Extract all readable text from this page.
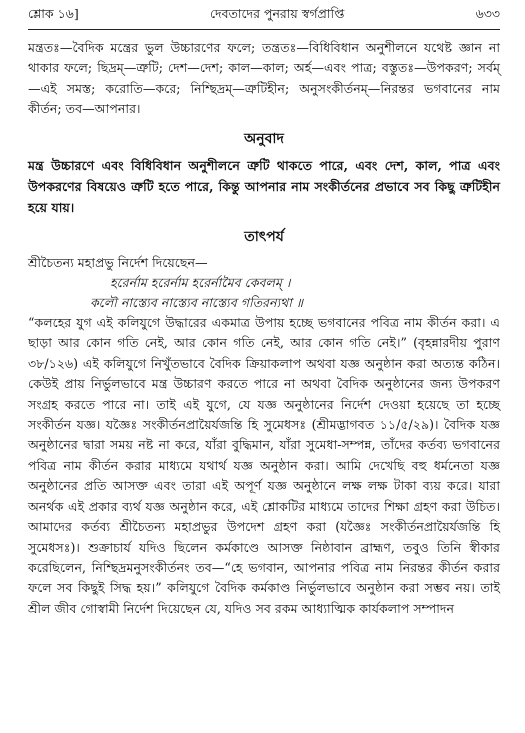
শ্লোক ১৬]	দেবতাদের পুনরায় স্বর্গপ্রাপ্তি	৬৩৩
মন্ত্রতঃ—বৈদিক মন্ত্রের ভুল উচ্চারণের ফলে; তন্ত্রতঃ—বিধিবিধান অনুশীলনে যথেষ্ট জ্ঞান না থাকার ফলে; ছিদ্রম্—ত্রুটি; দেশ—দেশ; কাল—কাল; অর্হ—এবং পাত্র; বস্তুতঃ—উপকরণ; সর্বম্—এই সমস্ত; করোতি—করে; নিশ্ছিদ্রম্—ত্রুটিহীন; অনুসংকীর্তনম্—নিরন্তর ভগবানের নাম কীর্তন; তব—আপনার।
অনুবাদ
মন্ত্র উচ্চারণে এবং বিধিবিধান অনুশীলনে ত্রুটি থাকতে পারে, এবং দেশ, কাল, পাত্র এবং উপকরণের বিষয়েও ত্রুটি হতে পারে, কিন্তু আপনার নাম সংকীর্তনের প্রভাবে সব কিছু ত্রুটিহীন হয়ে যায়।
তাৎপর্য

শ্রীচৈতন্য মহাপ্রভু নির্দেশ দিয়েছেন—

হরের্নাম হরের্নাম হরের্নামৈব কেবলম্ ।
কলৌ নাস্ত্যেব নাস্ত্যেব নাস্ত্যেব গতিরন্যথা ॥

“কলহের যুগ এই কলিযুগে উদ্ধারের একমাত্র উপায় হচ্ছে ভগবানের পবিত্র নাম কীর্তন করা। এ ছাড়া আর কোন গতি নেই, আর কোন গতি নেই, আর কোন গতি নেই।” (বৃহন্নারদীয় পুরাণ ৩৮/১২৬) এই কলিযুগে নিখুঁতভাবে বৈদিক ক্রিয়াকলাপ অথবা যজ্ঞ অনুষ্ঠান করা অত্যন্ত কঠিন। কেউই প্রায় নির্ভুলভাবে মন্ত্র উচ্চারণ করতে পারে না অথবা বৈদিক অনুষ্ঠানের জন্য উপকরণ সংগ্রহ করতে পারে না। তাই এই যুগে, যে যজ্ঞ অনুষ্ঠানের নির্দেশ দেওয়া হয়েছে তা হচ্ছে সংকীর্তন যজ্ঞ। যজ্ঞৈঃ সংকীর্তনপ্রায়ৈর্যজন্তি হি সুমেধসঃ (শ্রীমদ্ভাগবত ১১/৫/২৯)। বৈদিক যজ্ঞ অনুষ্ঠানের দ্বারা সময় নষ্ট না করে, যাঁরা বুদ্ধিমান, যাঁরা সুমেধা-সম্পন্ন, তাঁদের কর্তব্য ভগবানের পবিত্র নাম কীর্তন করার মাধ্যমে যথার্থ যজ্ঞ অনুষ্ঠান করা। আমি দেখেছি বহু ধর্মনেতা যজ্ঞ অনুষ্ঠানের প্রতি আসক্ত এবং তারা এই অপূর্ণ যজ্ঞ অনুষ্ঠানে লক্ষ লক্ষ টাকা ব্যয় করে। যারা অনর্থক এই প্রকার ব্যর্থ যজ্ঞ অনুষ্ঠান করে, এই শ্লোকটির মাধ্যমে তাদের শিক্ষা গ্রহণ করা উচিত। আমাদের কর্তব্য শ্রীচৈতন্য মহাপ্রভুর উপদেশ গ্রহণ করা (যজ্ঞৈঃ সংকীর্তনপ্রায়ৈর্যজন্তি হি সুমেধসঃ)। শুক্রাচার্য যদিও ছিলেন কর্মকাণ্ডে আসক্ত নিষ্ঠাবান ব্রাহ্মণ, তবুও তিনি স্বীকার করেছিলেন, নিশ্ছিদ্রমনুসংকীর্তনং তব—“হে ভগবান, আপনার পবিত্র নাম নিরন্তর কীর্তন করার ফলে সব কিছুই সিদ্ধ হয়।” কলিযুগে বৈদিক কর্মকাণ্ড নির্ভুলভাবে অনুষ্ঠান করা সম্ভব নয়। তাই শ্রীল জীব গোস্বামী নির্দেশ দিয়েছেন যে, যদিও সব রকম আধ্যাত্মিক কার্যকলাপ সম্পাদন
